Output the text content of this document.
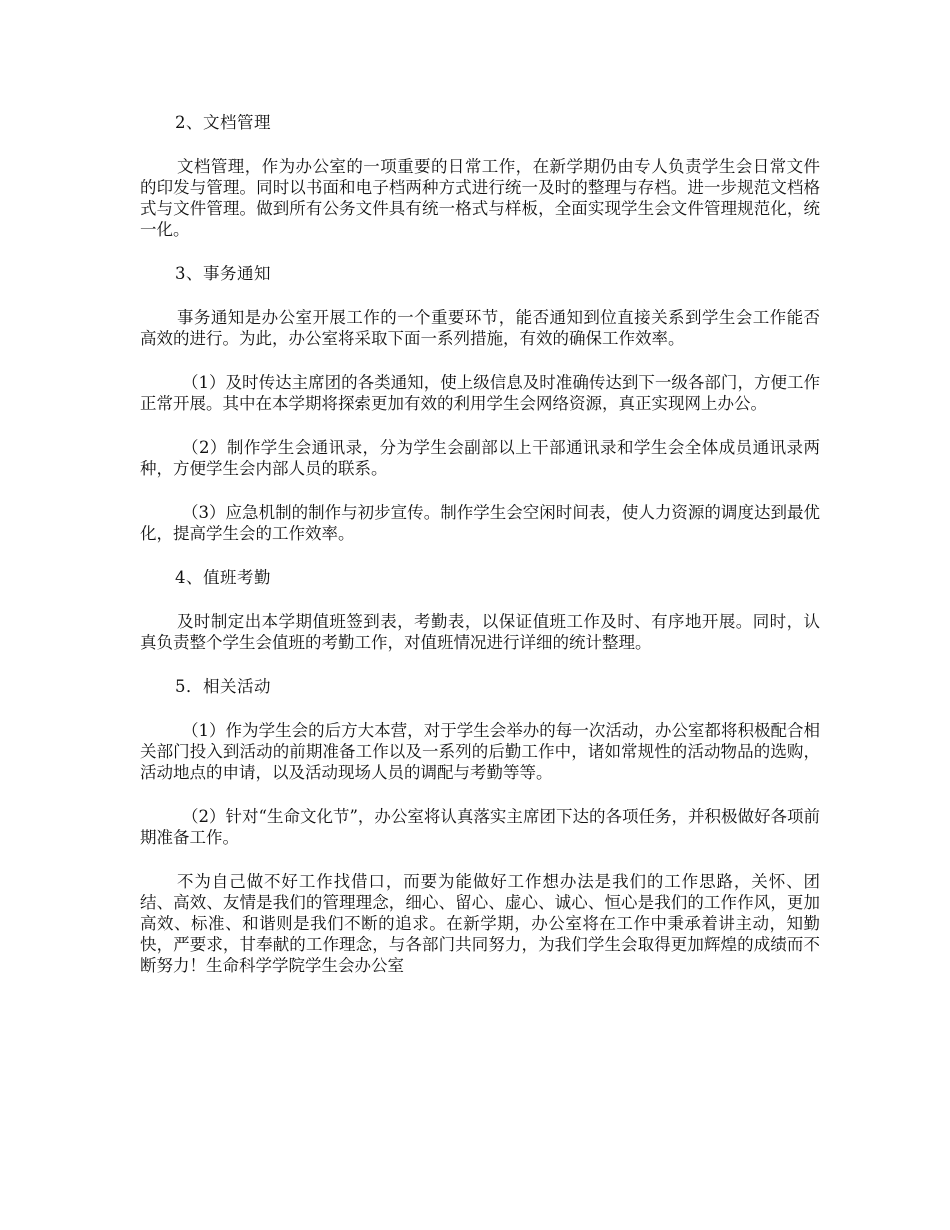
2、文档管理

文档管理，作为办公室的一项重要的日常工作，在新学期仍由专人负责学生会日常文件的印发与管理。同时以书面和电子档两种方式进行统一及时的整理与存档。进一步规范文档格式与文件管理。做到所有公务文件具有统一格式与样板，全面实现学生会文件管理规范化，统一化。

3、事务通知

事务通知是办公室开展工作的一个重要环节，能否通知到位直接关系到学生会工作能否高效的进行。为此，办公室将采取下面一系列措施，有效的确保工作效率。

（1）及时传达主席团的各类通知，使上级信息及时准确传达到下一级各部门，方便工作正常开展。其中在本学期将探索更加有效的利用学生会网络资源，真正实现网上办公。

（2）制作学生会通讯录，分为学生会副部以上干部通讯录和学生会全体成员通讯录两种，方便学生会内部人员的联系。

（3）应急机制的制作与初步宣传。制作学生会空闲时间表，使人力资源的调度达到最优化，提高学生会的工作效率。

4、值班考勤

及时制定出本学期值班签到表，考勤表，以保证值班工作及时、有序地开展。同时，认真负责整个学生会值班的考勤工作，对值班情况进行详细的统计整理。

5．相关活动

（1）作为学生会的后方大本营，对于学生会举办的每一次活动，办公室都将积极配合相关部门投入到活动的前期准备工作以及一系列的后勤工作中，诸如常规性的活动物品的选购，活动地点的申请，以及活动现场人员的调配与考勤等等。

（2）针对“生命文化节”，办公室将认真落实主席团下达的各项任务，并积极做好各项前期准备工作。

不为自己做不好工作找借口，而要为能做好工作想办法是我们的工作思路，关怀、团结、高效、友情是我们的管理理念，细心、留心、虚心、诚心、恒心是我们的工作作风，更加高效、标准、和谐则是我们不断的追求。在新学期，办公室将在工作中秉承着讲主动，知勤快，严要求，甘奉献的工作理念，与各部门共同努力，为我们学生会取得更加辉煌的成绩而不断努力！生命科学学院学生会办公室
